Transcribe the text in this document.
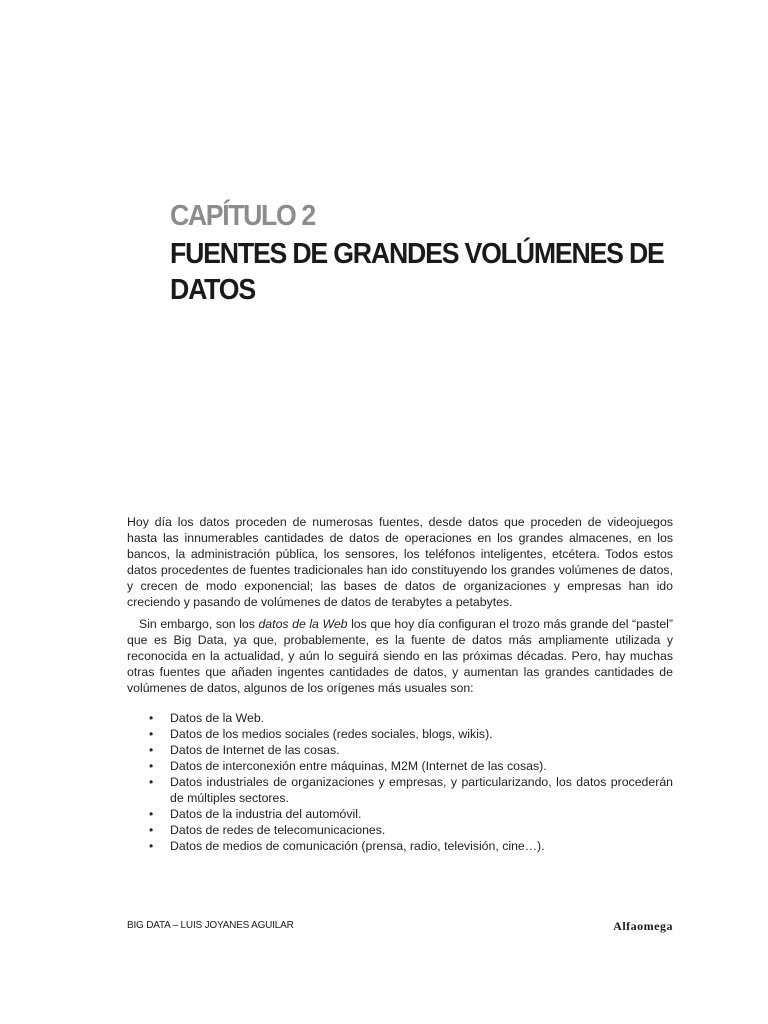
CAPÍTULO 2
FUENTES DE GRANDES VOLÚMENES DE DATOS

Hoy día los datos proceden de numerosas fuentes, desde datos que proceden de videojuegos hasta las innumerables cantidades de datos de operaciones en los grandes almacenes, en los bancos, la administración pública, los sensores, los teléfonos inteligentes, etcétera. Todos estos datos procedentes de fuentes tradicionales han ido constituyendo los grandes volúmenes de datos, y crecen de modo exponencial; las bases de datos de organizaciones y empresas han ido creciendo y pasando de volúmenes de datos de terabytes a petabytes.

Sin embargo, son los datos de la Web los que hoy día configuran el trozo más grande del “pastel” que es Big Data, ya que, probablemente, es la fuente de datos más ampliamente utilizada y reconocida en la actualidad, y aún lo seguirá siendo en las próximas décadas. Pero, hay muchas otras fuentes que añaden ingentes cantidades de datos, y aumentan las grandes cantidades de volúmenes de datos, algunos de los orígenes más usuales son:

• Datos de la Web.
• Datos de los medios sociales (redes sociales, blogs, wikis).
• Datos de Internet de las cosas.
• Datos de interconexión entre máquinas, M2M (Internet de las cosas).
• Datos industriales de organizaciones y empresas, y particularizando, los datos procederán de múltiples sectores.
• Datos de la industria del automóvil.
• Datos de redes de telecomunicaciones.
• Datos de medios de comunicación (prensa, radio, televisión, cine…).
BIG DATA – LUIS JOYANES AGUILAR	Alfaomega
